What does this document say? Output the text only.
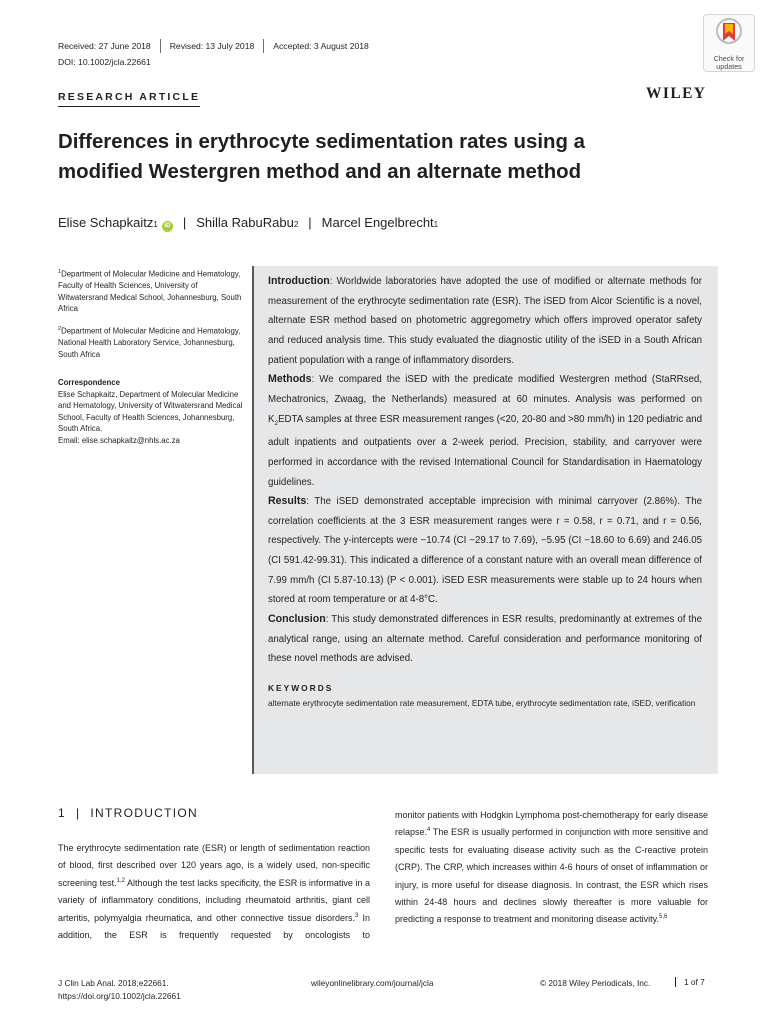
Received: 27 June 2018 Revised: 13 July 2018 Accepted: 3 August 2018
DOI: 10.1002/jcla.22661	Check for
updates
RESEARCH ARTICLE	WILEY
Differences in erythrocyte sedimentation rates using a
modified Westergren method and an alternate method
Elise Schapkaitz 1	iD | Shilla RabuRabu 2 | Marcel Engelbrecht 1
$^1$Department of Molecular Medicine and Hematology, Faculty of Health Sciences, University of Witwatersrand Medical School, Johannesburg, South Africa
$^2$Department of Molecular Medicine and Hematology, National Health Laboratory Service, Johannesburg, South Africa
Correspondence
Elise Schapkaitz, Department of Molecular Medicine and Hematology, University of Witwatersrand Medical School, Faculty of Health Sciences, Johannesburg, South Africa.
Email: elise.schapkaitz@nhls.ac.za
Introduction: Worldwide laboratories have adopted the use of modified or alternate methods for measurement of the erythrocyte sedimentation rate (ESR). The iSED from Alcor Scientific is a novel, alternate ESR method based on photometric aggregometry which offers improved operator safety and reduced analysis time. This study evaluated the diagnostic utility of the iSED in a South African patient population with a range of inflammatory disorders.
Methods: We compared the iSED with the predicate modified Westergren method (StaRRsed, Mechatronics, Zwaag, the Netherlands) measured at 60 minutes. Analysis was performed on $K_2EDTA$ samples at three ESR measurement ranges (<20, 20-80 and >80 mm/h) in 120 pediatric and adult inpatients and outpatients over a 2-week period. Precision, stability, and carryover were performed in accordance with the revised International Council for Standardisation in Haematology guidelines.
Results: The iSED demonstrated acceptable imprecision with minimal carryover (2.86%). The correlation coefficients at the 3 ESR measurement ranges were r = 0.58, r = 0.71, and r = 0.56, respectively. The y-intercepts were −10.74 (CI −29.17 to 7.69), −5.95 (CI −18.60 to 6.69) and 246.05 (CI 591.42-99.31). This indicated a difference of a constant nature with an overall mean difference of 7.99 mm/h (CI 5.87-10.13) (P < 0.001). iSED ESR measurements were stable up to 24 hours when stored at room temperature or at 4-8°C.
Conclusion: This study demonstrated differences in ESR results, predominantly at extremes of the analytical range, using an alternate method. Careful consideration and performance monitoring of these novel methods are advised.
KEYWORDS
alternate erythrocyte sedimentation rate measurement, EDTA tube, erythrocyte sedimentation rate, iSED, verification
1 | INTRODUCTION
The erythrocyte sedimentation rate (ESR) or length of sedimentation reaction of blood, first described over 120 years ago, is a widely used, non-specific screening test.$^{1,2}$ Although the test lacks specificity, the ESR is informative in a variety of inflammatory conditions, including rheumatoid arthritis, giant cell arteritis, polymyalgia rheumatica, and other connective tissue disorders.$^3$ In addition, the ESR is frequently requested by oncologists to
monitor patients with Hodgkin Lymphoma post-chemotherapy for early disease relapse.$^4$ The ESR is usually performed in conjunction with more sensitive and specific tests for evaluating disease activity such as the C-reactive protein (CRP). The CRP, which increases within 4-6 hours of onset of inflammation or injury, is more useful for disease diagnosis. In contrast, the ESR which rises within 24-48 hours and declines slowly thereafter is more valuable for predicting a response to treatment and monitoring disease activity.$^{5,6}$
J Clin Lab Anal. 2018;e22661.
https://doi.org/10.1002/jcla.22661
wileyonlinelibrary.com/journal/jcla	© 2018 Wiley Periodicals, Inc.	1 of 7
